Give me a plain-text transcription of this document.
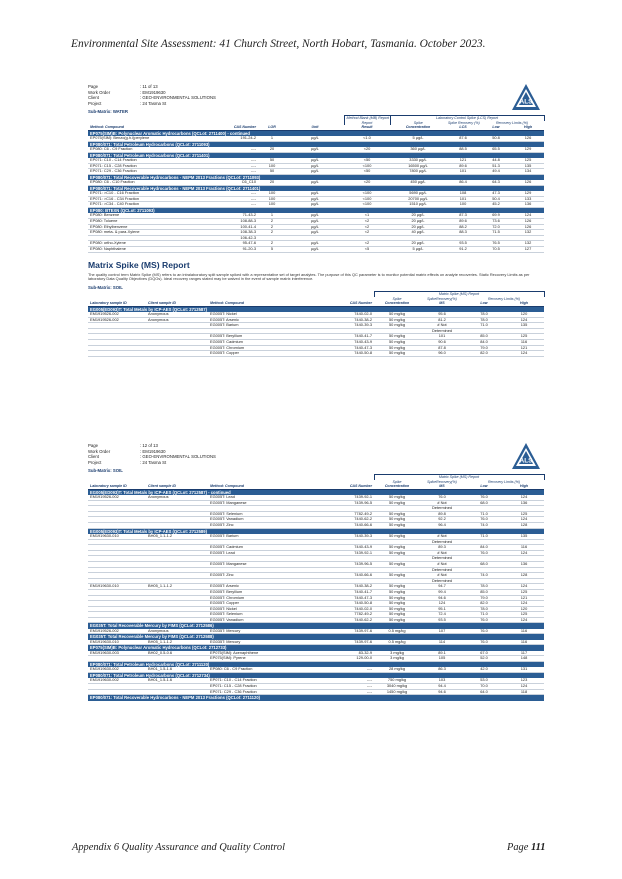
Environmental Site Assessment: 41 Church Street, North Hobart, Tasmania. October 2023.
Page	: 11 of 13
Work Order	: EM1919630
Client	: GEO-ENVIRONMENTAL SOLUTIONS
Project	: 24 Tasma St	ALS
Sub-Matrix: WATER
				Method Blank (MB) Report	Laboratory Control Spike (LCS) Report			
				Report	Spike	Spike Recovery (%)	Recovery Limits (%)	
Method: Compound	CAS Number	LOR	Unit	Result	Concentration	LCS	Low	High
EP075(SIM)B: Polynuclear Aromatic Hydrocarbons (QCLot: 2711400) - continued								
EP075(SIM): Benzo(g.h.i)perylene	191-24-2	1	µg/L	<1.0	5 µg/L	87.6	50.8	126
EP080/071: Total Petroleum Hydrocarbons (QCLot: 2711093)								
EP080: C6 - C9 Fraction	----	20	µg/L	<20	360 µg/L	88.5	65.5	129
EP080/071: Total Petroleum Hydrocarbons (QCLot: 2711401)								
EP071: C10 - C14 Fraction	----	50	µg/L	<50	3330 µg/L	121	44.8	125
EP071: C15 - C28 Fraction	----	100	µg/L	<100	16500 µg/L	89.6	51.3	135
EP071: C29 - C36 Fraction	----	50	µg/L	<50	7800 µg/L	101	49.4	134
EP080/071: Total Recoverable Hydrocarbons - NEPM 2013 Fractions (QCLot: 2711093)								
EP080: C6 - C10 Fraction	C6_C10	20	µg/L	<20	450 µg/L	86.4	64.3	126
EP080/071: Total Recoverable Hydrocarbons - NEPM 2013 Fractions (QCLot: 2711401)								
EP071: >C10 - C16 Fraction	----	100	µg/L	<100	5690 µg/L	108	47.3	129
EP071: >C16 - C34 Fraction	----	100	µg/L	<100	20700 µg/L	101	50.4	133
EP071: >C34 - C40 Fraction	----	100	µg/L	<100	1510 µg/L	100	45.2	136
EP080: BTEXN (QCLot: 2711093)								
EP080: Benzene	71-43-2	1	µg/L	<1	20 µg/L	87.3	69.9	124
EP080: Toluene	108-88-3	2	µg/L	<2	20 µg/L	89.6	73.6	126
EP080: Ethylbenzene	100-41-4	2	µg/L	<2	20 µg/L	88.2	72.0	126
EP080: meta- & para-Xylene	108-38-3	2	µg/L	<2	40 µg/L	88.3	71.5	132
	106-42-3							
EP080: ortho-Xylene	95-47-6	2	µg/L	<2	20 µg/L	93.5	76.5	132
EP080: Naphthalene	91-20-3	5	µg/L	<5	5 µg/L	91.2	70.5	127
Matrix Spike (MS) Report
The quality control term Matrix Spike (MS) refers to an intralaboratory split sample spiked with a representative set of target analytes. The purpose of this QC parameter is to monitor potential matrix effects on analyte recoveries. Static Recovery Limits as per laboratory Data Quality Objectives (DQOs). Ideal recovery ranges stated may be waived in the event of sample matrix interference.
Sub-Matrix: SOIL
				Matrix Spike (MS) Report			
				Spike	SpikeRecovery(%)	Recovery Limits (%)	
Laboratory sample ID	Client sample ID	Method: Compound	CAS Number	Concentration	MS	Low	High
EG005(ED093)T: Total Metals by ICP-AES (QCLot: 2712587)							
EM1919526-002	Anonymous	EG005T: Nickel	7440-02-0	50 mg/kg	95.6	78.0	120
EM1919526-002	Anonymous	EG005T: Arsenic	7440-38-2	50 mg/kg	81.2	78.0	124
		EG005T: Barium	7440-39-3	50 mg/kg	# Not	71.0	135
					Determined		
		EG005T: Beryllium	7440-41-7	50 mg/kg	101	85.0	125
		EG005T: Cadmium	7440-43-9	50 mg/kg	90.6	84.0	116
		EG005T: Chromium	7440-47-3	50 mg/kg	87.8	79.0	121
		EG005T: Copper	7440-50-8	50 mg/kg	96.0	82.0	124
Page	: 12 of 13
Work Order	: EM1919630
Client	: GEO-ENVIRONMENTAL SOLUTIONS
Project	: 24 Tasma St	ALS
Sub-Matrix: SOIL
				Matrix Spike (MS) Report			
				Spike	SpikeRecovery(%)	Recovery Limits (%)	
Laboratory sample ID	Client sample ID	Method: Compound	CAS Number	Concentration	MS	Low	High
EG005(ED093)T: Total Metals by ICP-AES (QCLot: 2712587) - continued							
EM1919526-002	Anonymous	EG005T: Lead	7439-92-1	50 mg/kg	76.0	76.0	124
		EG005T: Manganese	7439-96-5	50 mg/kg	# Not	68.0	136
					Determined		
		EG005T: Selenium	7782-49-2	50 mg/kg	89.8	71.0	125
		EG005T: Vanadium	7440-62-2	50 mg/kg	92.2	76.0	124
		EG005T: Zinc	7440-66-6	50 mg/kg	96.4	74.0	128
EG005(ED093)T: Total Metals by ICP-AES (QCLot: 2712589)							
EM1919630-010	BH05_1.1-1.2	EG005T: Barium	7440-39-3	50 mg/kg	# Not	71.0	135
					Determined		
		EG005T: Cadmium	7440-43-9	50 mg/kg	89.3	84.0	116
		EG005T: Lead	7439-92-1	50 mg/kg	# Not	76.0	124
					Determined		
		EG005T: Manganese	7439-96-5	50 mg/kg	# Not	68.0	136
					Determined		
		EG005T: Zinc	7440-66-6	50 mg/kg	# Not	74.0	128
					Determined		
EM1919630-010	BH05_1.1-1.2	EG005T: Arsenic	7440-38-2	50 mg/kg	94.7	78.0	124
		EG005T: Beryllium	7440-41-7	50 mg/kg	99.4	85.0	125
		EG005T: Chromium	7440-47-3	50 mg/kg	94.6	79.0	121
		EG005T: Copper	7440-50-8	50 mg/kg	124	82.0	124
		EG005T: Nickel	7440-02-0	50 mg/kg	95.1	78.0	120
		EG005T: Selenium	7782-49-2	50 mg/kg	72.4	71.0	125
		EG005T: Vanadium	7440-62-2	50 mg/kg	93.5	76.0	124
EG035T: Total Recoverable Mercury by FIMS (QCLot: 2712586)							
EM1919526-002	Anonymous	EG035T: Mercury	7439-97-6	0.5 mg/kg	107	76.0	116
EG035T: Total Recoverable Mercury by FIMS (QCLot: 2712588)							
EM1919630-010	BH05_1.1-1.2	EG035T: Mercury	7439-97-6	0.5 mg/kg	114	76.0	116
EP075(SIM)B: Polynuclear Aromatic Hydrocarbons (QCLot: 2712733)							
EM1919630-003	BH02_0.5-0.6	EP075(SIM): Acenaphthene	83-32-9	3 mg/kg	89.1	67.0	117
		EP075(SIM): Pyrene	129-00-0	3 mg/kg	105	52.0	148
EP080/071: Total Petroleum Hydrocarbons (QCLot: 2711120)							
EM1919630-002	BH01_1.5-1.6	EP080: C6 - C9 Fraction	----	28 mg/kg	86.3	42.0	131
EP080/071: Total Petroleum Hydrocarbons (QCLot: 2712734)							
EM1919630-002	BH01_1.5-1.6	EP071: C10 - C14 Fraction	----	750 mg/kg	103	53.0	123
		EP071: C15 - C28 Fraction	----	3040 mg/kg	94.4	70.0	124
		EP071: C29 - C36 Fraction	----	1450 mg/kg	94.6	64.0	118
EP080/071: Total Recoverable Hydrocarbons - NEPM 2013 Fractions (QCLot: 2711120)							
Appendix 6 Quality Assurance and Quality Control	Page 111
